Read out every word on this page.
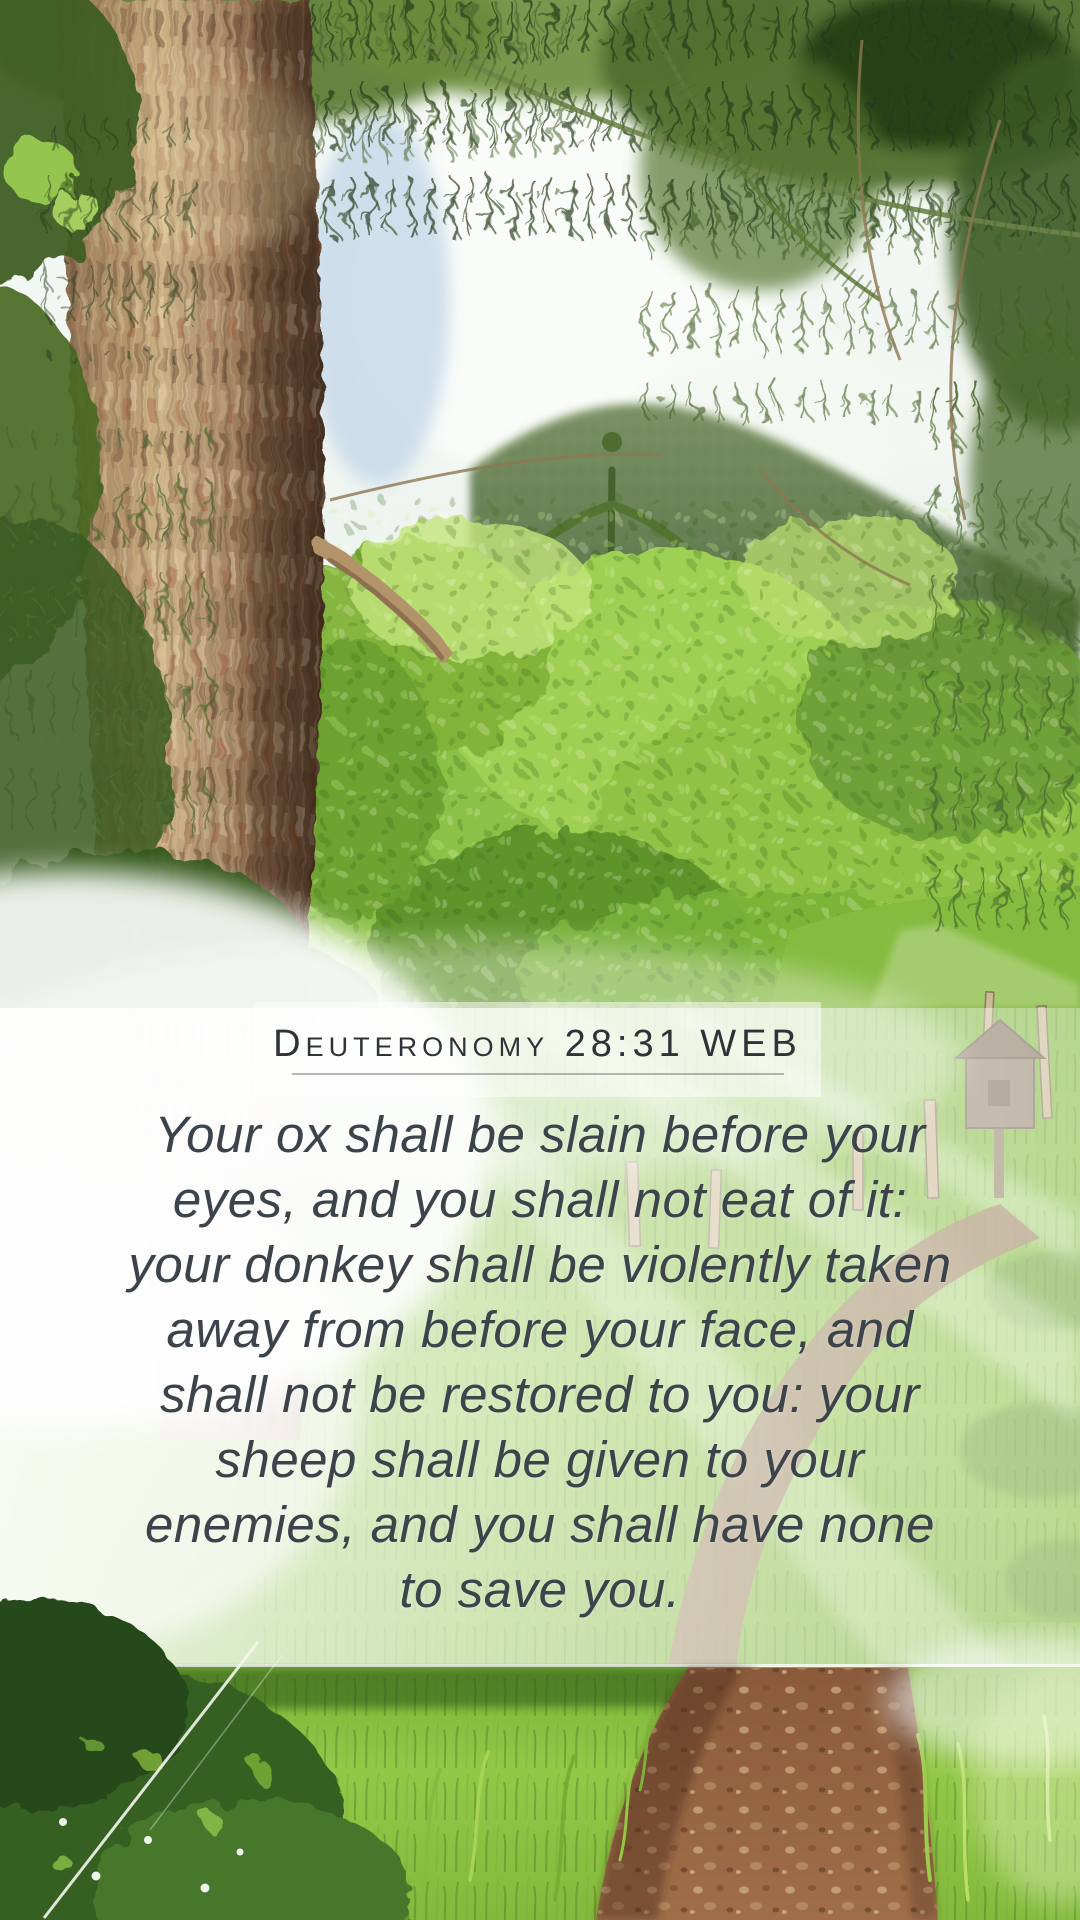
Deuteronomy 28:31 WEB
Your ox shall be slain before your
eyes, and you shall not eat of it:
your donkey shall be violently taken
away from before your face, and
shall not be restored to you: your
sheep shall be given to your
enemies, and you shall have none
to save you.
